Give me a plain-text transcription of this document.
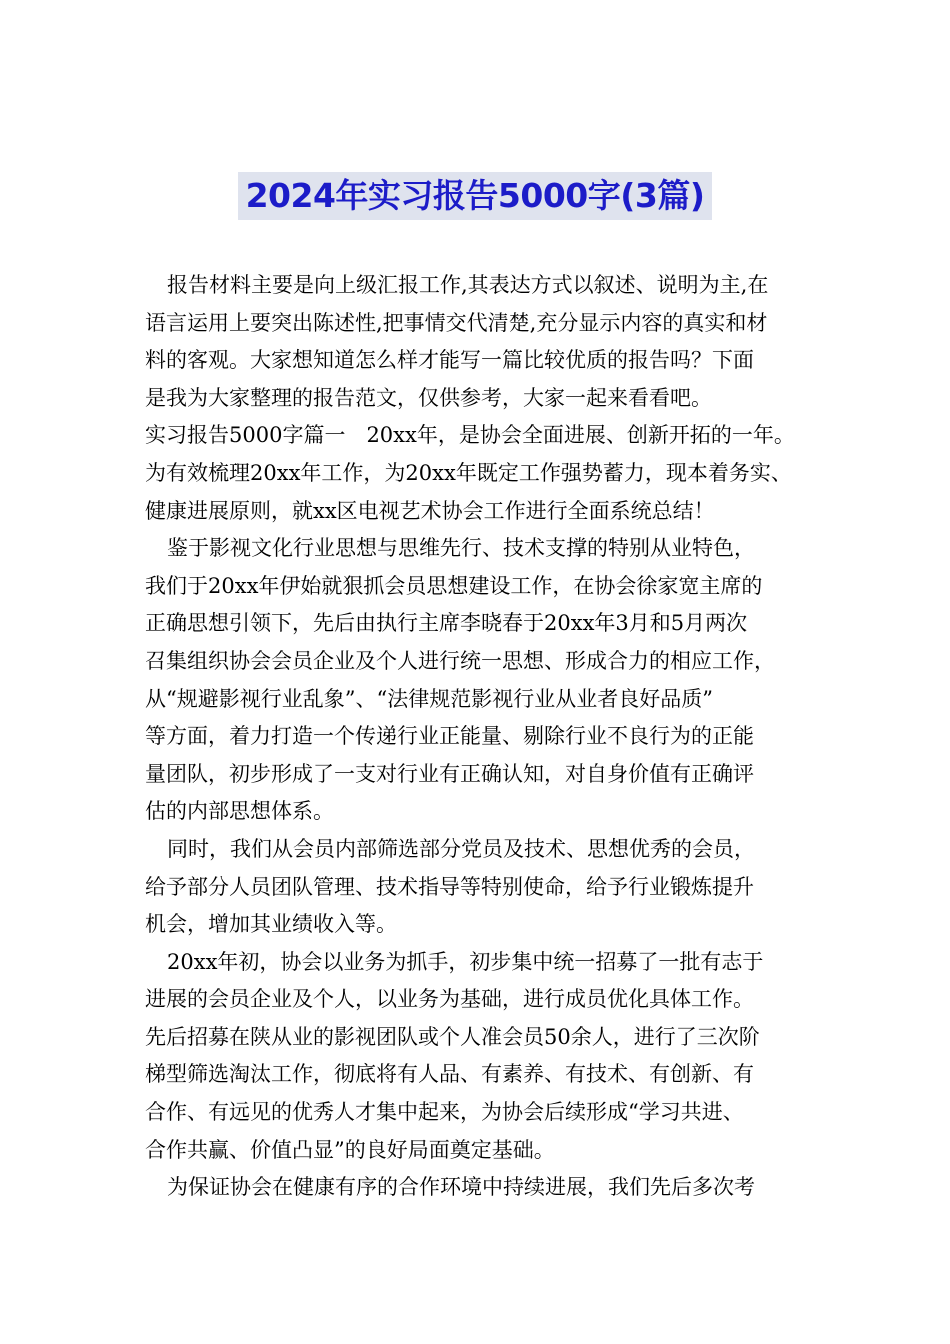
2024年实习报告5000字(3篇)
报告材料主要是向上级汇报工作,其表达方式以叙述、说明为主,在
语言运用上要突出陈述性,把事情交代清楚,充分显示内容的真实和材
料的客观。大家想知道怎么样才能写一篇比较优质的报告吗？下面
是我为大家整理的报告范文，仅供参考，大家一起来看看吧。
实习报告5000字篇一　20xx年，是协会全面进展、创新开拓的一年。
为有效梳理20xx年工作，为20xx年既定工作强势蓄力，现本着务实、
健康进展原则，就xx区电视艺术协会工作进行全面系统总结！
鉴于影视文化行业思想与思维先行、技术支撑的特别从业特色，
我们于20xx年伊始就狠抓会员思想建设工作，在协会徐家宽主席的
正确思想引领下，先后由执行主席李晓春于20xx年3月和5月两次
召集组织协会会员企业及个人进行统一思想、形成合力的相应工作，
从“规避影视行业乱象”、“法律规范影视行业从业者良好品质”
等方面，着力打造一个传递行业正能量、剔除行业不良行为的正能
量团队，初步形成了一支对行业有正确认知，对自身价值有正确评
估的内部思想体系。
同时，我们从会员内部筛选部分党员及技术、思想优秀的会员，
给予部分人员团队管理、技术指导等特别使命，给予行业锻炼提升
机会，增加其业绩收入等。
20xx年初，协会以业务为抓手，初步集中统一招募了一批有志于
进展的会员企业及个人，以业务为基础，进行成员优化具体工作。
先后招募在陕从业的影视团队或个人准会员50余人，进行了三次阶
梯型筛选淘汰工作，彻底将有人品、有素养、有技术、有创新、有
合作、有远见的优秀人才集中起来，为协会后续形成“学习共进、
合作共赢、价值凸显”的良好局面奠定基础。
为保证协会在健康有序的合作环境中持续进展，我们先后多次考
